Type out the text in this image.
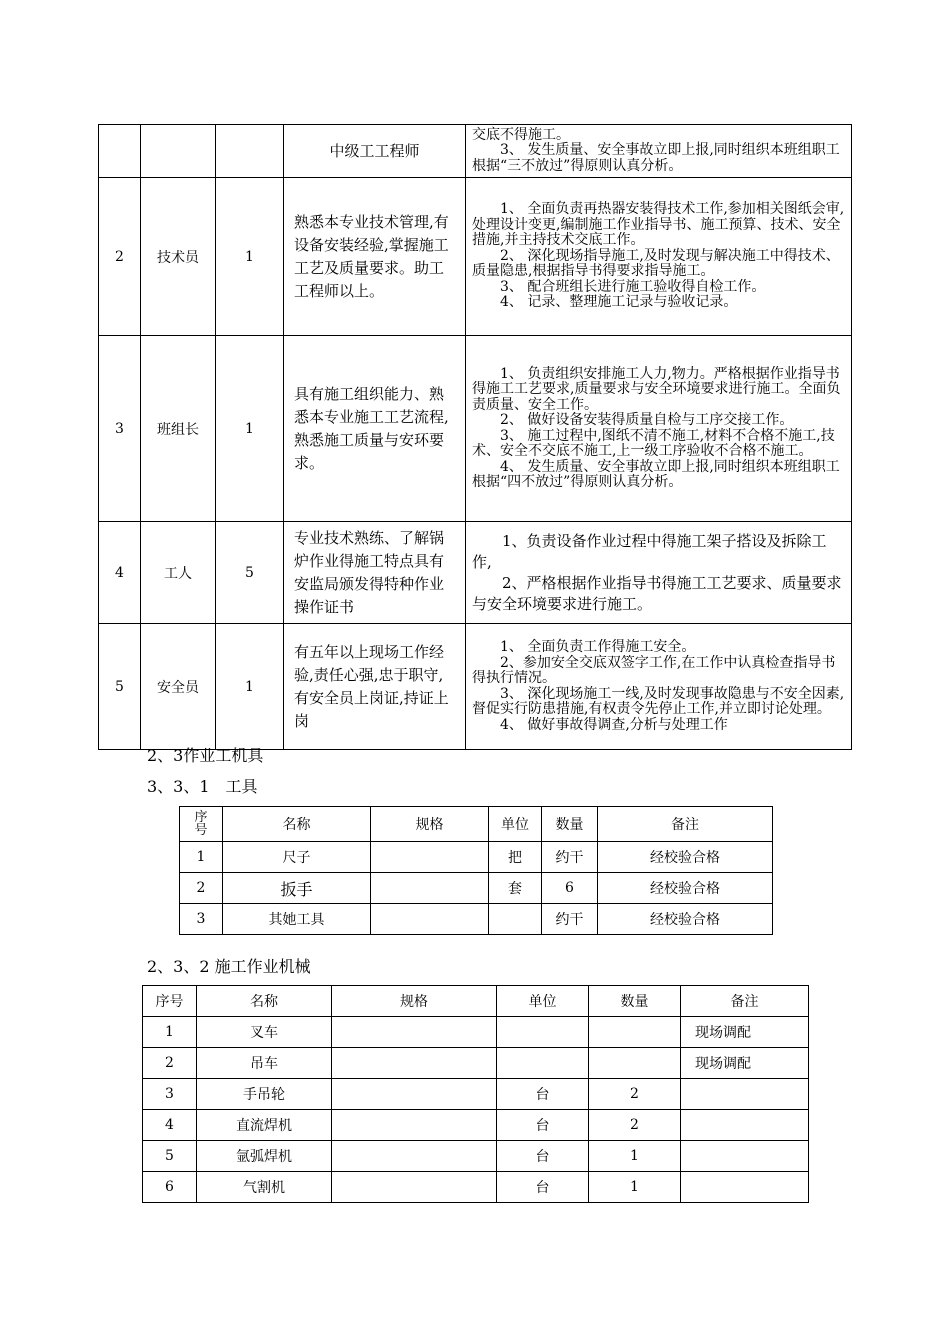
			中级工工程师	交底不得施工。
3、 发生质量、安全事故立即上报,同时组织本班组职工根据“三不放过”得原则认真分析。

2	技术员	1	熟悉本专业技术管理,有设备安装经验,掌握施工工艺及质量要求。助工工程师以上。	1、 全面负责再热器安装得技术工作,参加相关图纸会审,处理设计变更,编制施工作业指导书、施工预算、技术、安全措施,并主持技术交底工作。
2、 深化现场指导施工,及时发现与解决施工中得技术、质量隐患,根据指导书得要求指导施工。
3、 配合班组长进行施工验收得自检工作。
4、 记录、整理施工记录与验收记录。

3	班组长	1	具有施工组织能力、熟悉本专业施工工艺流程,熟悉施工质量与安环要求。	1、 负责组织安排施工人力,物力。严格根据作业指导书得施工工艺要求,质量要求与安全环境要求进行施工。全面负责质量、安全工作。
2、 做好设备安装得质量自检与工序交接工作。
3、 施工过程中,图纸不清不施工,材料不合格不施工,技术、安全不交底不施工,上一级工序验收不合格不施工。
4、 发生质量、安全事故立即上报,同时组织本班组职工根据“四不放过”得原则认真分析。

4	工人	5	专业技术熟练、了解锅炉作业得施工特点具有安监局颁发得特种作业操作证书	1、负责设备作业过程中得施工架子搭设及拆除工作,
2、严格根据作业指导书得施工工艺要求、质量要求与安全环境要求进行施工。

5	安全员	1	有五年以上现场工作经验,责任心强,忠于职守,有安全员上岗证,持证上岗	1、 全面负责工作得施工安全。
2、参加安全交底双签字工作,在工作中认真检查指导书得执行情况。
3、 深化现场施工一线,及时发现事故隐患与不安全因素,督促实行防患措施,有权责令先停止工作,并立即讨论处理。
4、 做好事故得调查,分析与处理工作
2、3作业工机具
3、3、1　工具
序
号	名称	规格	单位	数量	备注
1	尺子		把	约干	经校验合格
2	扳手		套	6	经校验合格
3	其她工具			约干	经校验合格
2、3、2 施工作业机械
序号	名称	规格	单位	数量	备注
1	叉车				现场调配
2	吊车				现场调配
3	手吊轮		台	2	
4	直流焊机		台	2	
5	氩弧焊机		台	1	
6	气割机		台	1	
